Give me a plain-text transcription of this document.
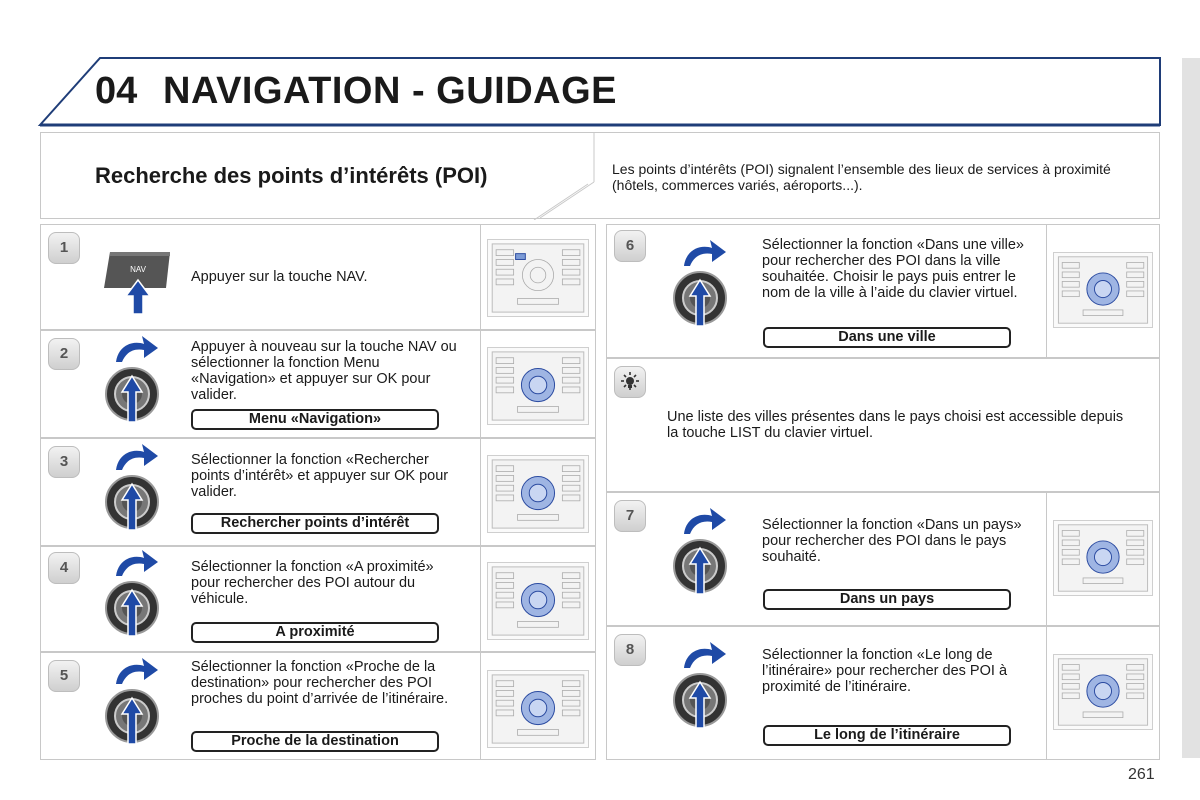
04 NAVIGATION - GUIDAGE
Recherche des points d’intérêts (POI)	Les points d’intérêts (POI) signalent l’ensemble des lieux de services à proximité (hôtels, commerces variés, aéroports...).
1
2
3
4
5
6
7
8
NAV	Appuyer sur la touche NAV.
Appuyer à nouveau sur la touche NAV ou sélectionner la fonction Menu «Navigation» et appuyer sur OK pour valider.
Sélectionner la fonction «Rechercher points d’intérêt» et appuyer sur OK pour valider.
Sélectionner la fonction «A proximité» pour rechercher des POI autour du véhicule.
Sélectionner la fonction «Proche de la destination» pour rechercher des POI proches du point d’arrivée de l’itinéraire.
Sélectionner la fonction «Dans une ville» pour rechercher des POI dans la ville souhaitée. Choisir le pays puis entrer le nom de la ville à l’aide du clavier virtuel.
Une liste des villes présentes dans le pays choisi est accessible depuis la touche LIST du clavier virtuel.
Sélectionner la fonction «Dans un pays» pour rechercher des POI dans le pays souhaité.
Sélectionner la fonction «Le long de l’itinéraire» pour rechercher des POI à proximité de l’itinéraire.
Menu «Navigation»
Rechercher points d’intérêt
A proximité
Proche de la destination
Dans une ville
Dans un pays
Le long de l’itinéraire
261
